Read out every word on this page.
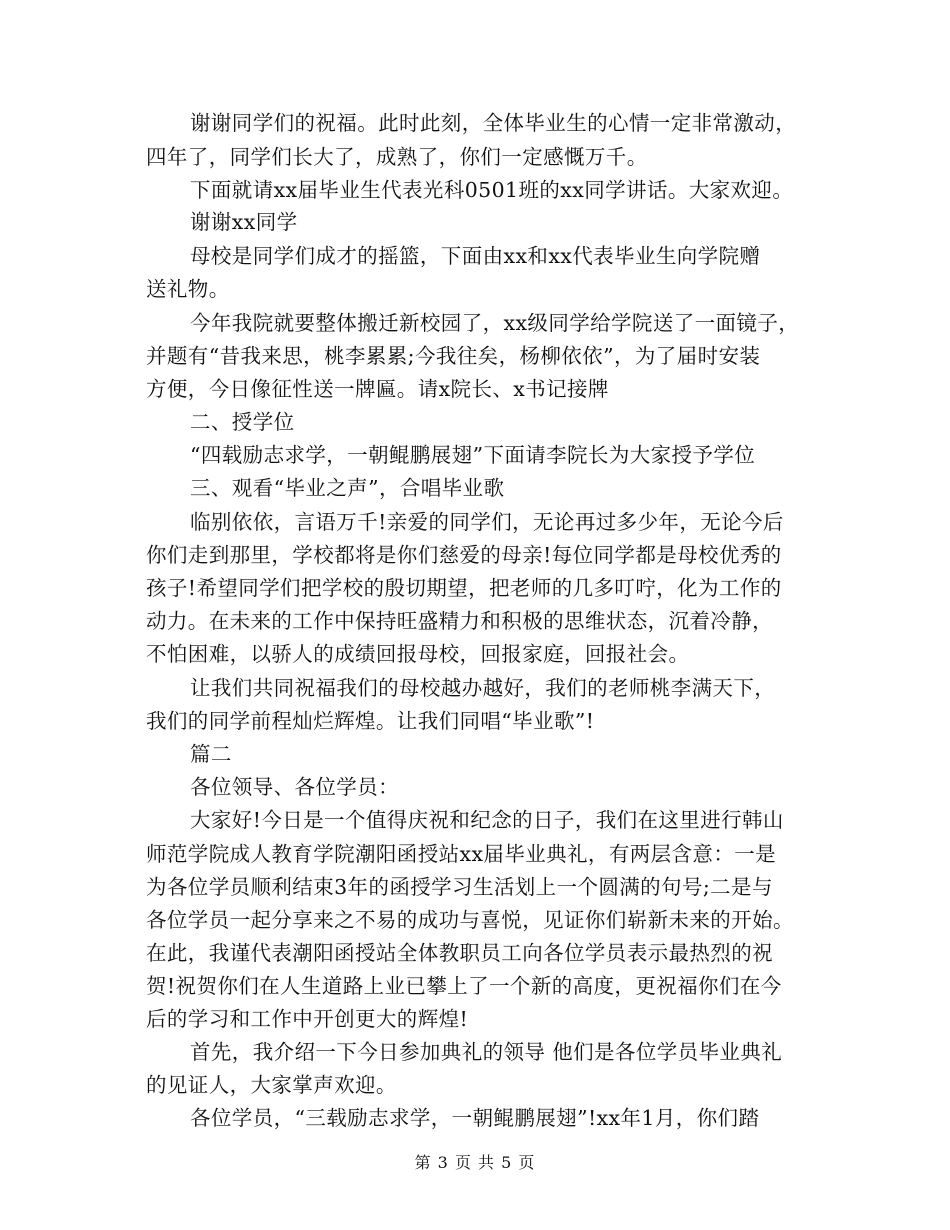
谢谢同学们的祝福。此时此刻，全体毕业生的心情一定非常激动，
四年了，同学们长大了，成熟了，你们一定感慨万千。
下面就请xx届毕业生代表光科0501班的xx同学讲话。大家欢迎。
谢谢xx同学
母校是同学们成才的摇篮，下面由xx和xx代表毕业生向学院赠
送礼物。
今年我院就要整体搬迁新校园了，xx级同学给学院送了一面镜子，
并题有“昔我来思，桃李累累;今我往矣，杨柳依依”，为了届时安装
方便，今日像征性送一牌匾。请x院长、x书记接牌
二、授学位
“四载励志求学，一朝鲲鹏展翅”下面请李院长为大家授予学位
三、观看“毕业之声”，合唱毕业歌
临别依依，言语万千!亲爱的同学们，无论再过多少年，无论今后
你们走到那里，学校都将是你们慈爱的母亲!每位同学都是母校优秀的
孩子!希望同学们把学校的殷切期望，把老师的几多叮咛，化为工作的
动力。在未来的工作中保持旺盛精力和积极的思维状态，沉着冷静，
不怕困难，以骄人的成绩回报母校，回报家庭，回报社会。
让我们共同祝福我们的母校越办越好，我们的老师桃李满天下，
我们的同学前程灿烂辉煌。让我们同唱“毕业歌”!
篇二
各位领导、各位学员：
大家好!今日是一个值得庆祝和纪念的日子，我们在这里进行韩山
师范学院成人教育学院潮阳函授站xx届毕业典礼，有两层含意：一是
为各位学员顺利结束3年的函授学习生活划上一个圆满的句号;二是与
各位学员一起分享来之不易的成功与喜悦，见证你们崭新未来的开始。
在此，我谨代表潮阳函授站全体教职员工向各位学员表示最热烈的祝
贺!祝贺你们在人生道路上业已攀上了一个新的高度，更祝福你们在今
后的学习和工作中开创更大的辉煌!
首先，我介绍一下今日参加典礼的领导 他们是各位学员毕业典礼
的见证人，大家掌声欢迎。
各位学员，“三载励志求学，一朝鲲鹏展翅”!xx年1月，你们踏
第 3 页 共 5 页
